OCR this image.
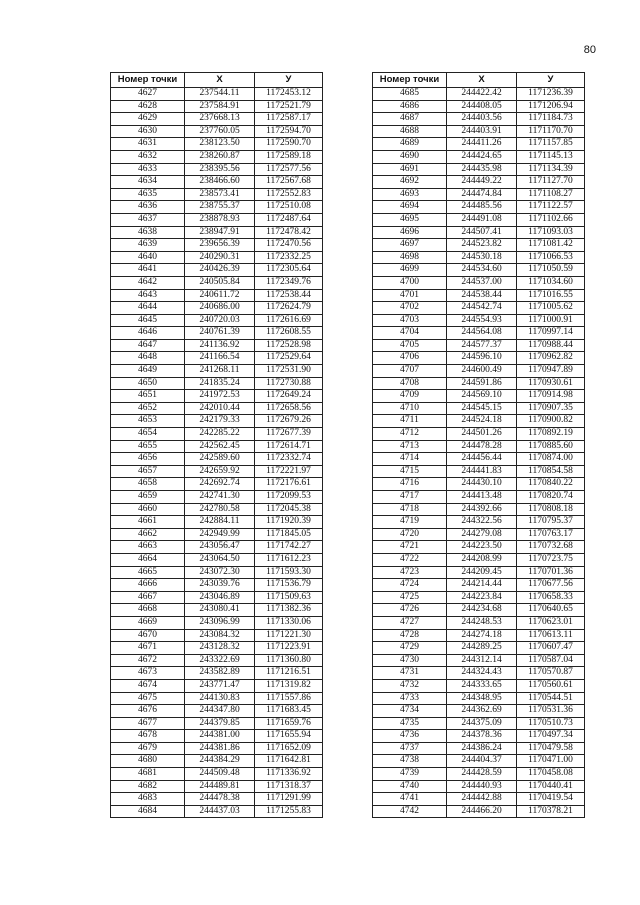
80
Номер точки	X	У
4627	237544.11	1172453.12
4628	237584.91	1172521.79
4629	237668.13	1172587.17
4630	237760.05	1172594.70
4631	238123.50	1172590.70
4632	238260.87	1172589.18
4633	238395.56	1172577.56
4634	238466.60	1172567.68
4635	238573.41	1172552.83
4636	238755.37	1172510.08
4637	238878.93	1172487.64
4638	238947.91	1172478.42
4639	239656.39	1172470.56
4640	240290.31	1172332.25
4641	240426.39	1172305.64
4642	240505.84	1172349.76
4643	240611.72	1172538.44
4644	240686.00	1172624.79
4645	240720.03	1172616.69
4646	240761.39	1172608.55
4647	241136.92	1172528.98
4648	241166.54	1172529.64
4649	241268.11	1172531.90
4650	241835.24	1172730.88
4651	241972.53	1172649.24
4652	242010.44	1172658.56
4653	242179.33	1172679.26
4654	242285.22	1172677.39
4655	242562.45	1172614.71
4656	242589.60	1172332.74
4657	242659.92	1172221.97
4658	242692.74	1172176.61
4659	242741.30	1172099.53
4660	242780.58	1172045.38
4661	242884.11	1171920.39
4662	242949.99	1171845.05
4663	243056.47	1171742.27
4664	243064.50	1171612.23
4665	243072.30	1171593.30
4666	243039.76	1171536.79
4667	243046.89	1171509.63
4668	243080.41	1171382.36
4669	243096.99	1171330.06
4670	243084.32	1171221.30
4671	243128.32	1171223.91
4672	243322.69	1171360.80
4673	243582.89	1171216.51
4674	243771.47	1171319.82
4675	244130.83	1171557.86
4676	244347.80	1171683.45
4677	244379.85	1171659.76
4678	244381.00	1171655.94
4679	244381.86	1171652.09
4680	244384.29	1171642.81
4681	244509.48	1171336.92
4682	244489.81	1171318.37
4683	244478.38	1171291.99
4684	244437.03	1171255.83
Номер точки	X	У
4685	244422.42	1171236.39
4686	244408.05	1171206.94
4687	244403.56	1171184.73
4688	244403.91	1171170.70
4689	244411.26	1171157.85
4690	244424.65	1171145.13
4691	244435.98	1171134.39
4692	244449.22	1171127.70
4693	244474.84	1171108.27
4694	244485.56	1171122.57
4695	244491.08	1171102.66
4696	244507.41	1171093.03
4697	244523.82	1171081.42
4698	244530.18	1171066.53
4699	244534.60	1171050.59
4700	244537.00	1171034.60
4701	244538.44	1171016.55
4702	244542.74	1171005.62
4703	244554.93	1171000.91
4704	244564.08	1170997.14
4705	244577.37	1170988.44
4706	244596.10	1170962.82
4707	244600.49	1170947.89
4708	244591.86	1170930.61
4709	244569.10	1170914.98
4710	244545.15	1170907.35
4711	244524.18	1170900.82
4712	244501.26	1170892.19
4713	244478.28	1170885.60
4714	244456.44	1170874.00
4715	244441.83	1170854.58
4716	244430.10	1170840.22
4717	244413.48	1170820.74
4718	244392.66	1170808.18
4719	244322.56	1170795.37
4720	244279.08	1170763.17
4721	244223.50	1170732.68
4722	244208.99	1170723.75
4723	244209.45	1170701.36
4724	244214.44	1170677.56
4725	244223.84	1170658.33
4726	244234.68	1170640.65
4727	244248.53	1170623.01
4728	244274.18	1170613.11
4729	244289.25	1170607.47
4730	244312.14	1170587.04
4731	244324.43	1170570.87
4732	244333.65	1170560.61
4733	244348.95	1170544.51
4734	244362.69	1170531.36
4735	244375.09	1170510.73
4736	244378.36	1170497.34
4737	244386.24	1170479.58
4738	244404.37	1170471.00
4739	244428.59	1170458.08
4740	244440.93	1170440.41
4741	244442.88	1170419.54
4742	244466.20	1170378.21
